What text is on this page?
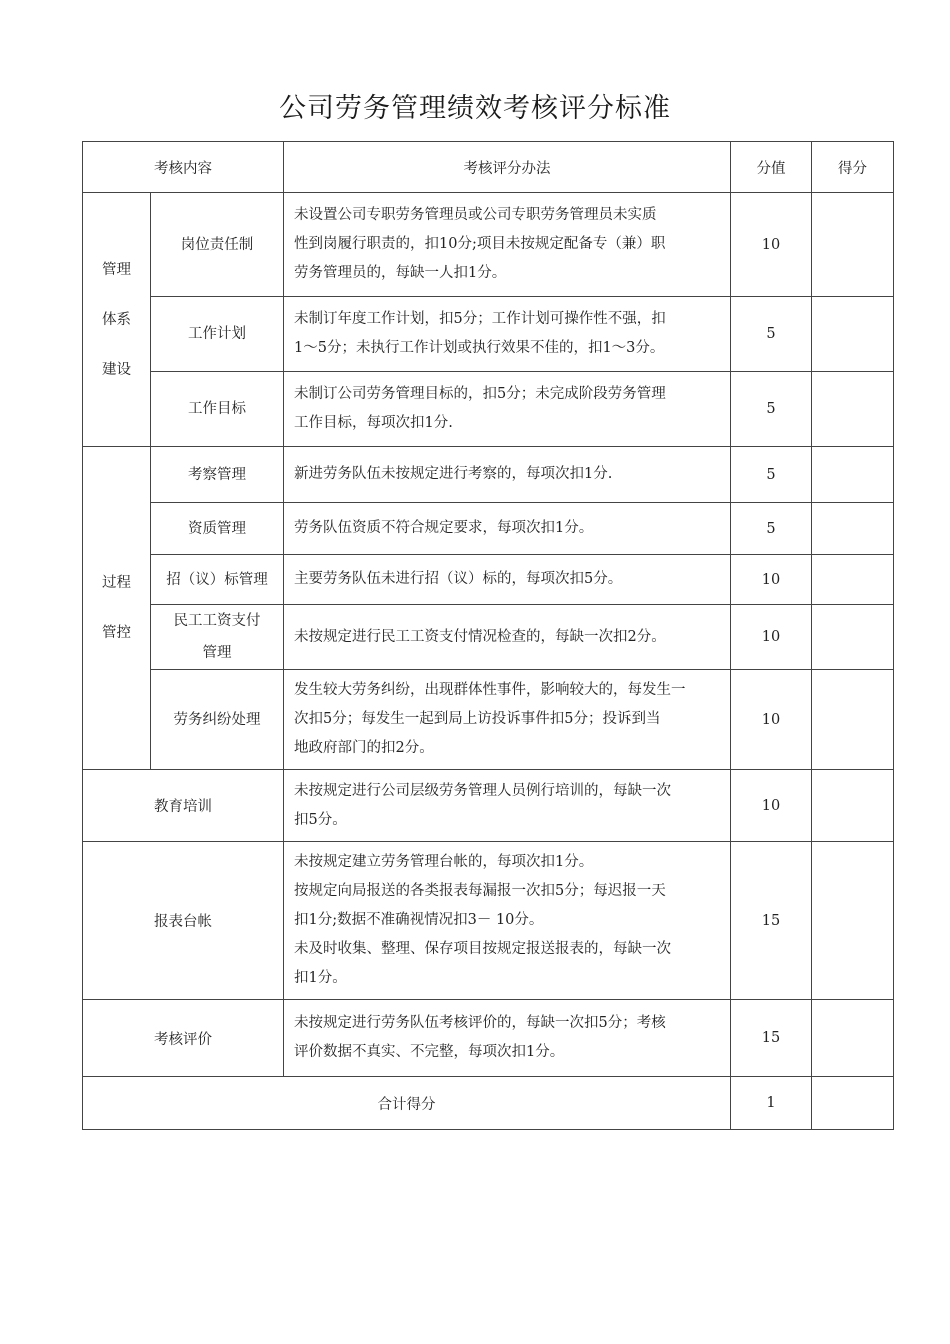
公司劳务管理绩效考核评分标准
考核内容		考核评分办法	分值	得分

管理
体系
建设	岗位责任制	未设置公司专职劳务管理员或公司专职劳务管理员未实质
性到岗履行职责的，扣10分;项目未按规定配备专（兼）职
劳务管理员的，每缺一人扣1分。	10	
	工作计划	未制订年度工作计划，扣5分；工作计划可操作性不强，扣
1〜5分；未执行工作计划或执行效果不佳的，扣1〜3分。	5	
	工作目标	未制订公司劳务管理目标的，扣5分；未完成阶段劳务管理
工作目标，每项次扣1分.	5	

过程
管控	考察管理	新进劳务队伍未按规定进行考察的，每项次扣1分.	5	
	资质管理	劳务队伍资质不符合规定要求，每项次扣1分。	5	
	招（议）标管理	主要劳务队伍未进行招（议）标的，每项次扣5分。	10	

	民工工资支付
管理	未按规定进行民工工资支付情况检查的，每缺一次扣2分。	10	
	劳务纠纷处理	发生较大劳务纠纷，出现群体性事件，影响较大的，每发生一
次扣5分；每发生一起到局上访投诉事件扣5分；投诉到当
地政府部门的扣2分。	10	
教育培训		未按规定进行公司层级劳务管理人员例行培训的，每缺一次
扣5分。	10	
报表台帐		未按规定建立劳务管理台帐的，每项次扣1分。
按规定向局报送的各类报表每漏报一次扣5分；每迟报一天
扣1分;数据不准确视情况扣3－ 10分。
未及时收集、整理、保存项目按规定报送报表的，每缺一次
扣1分。	15	
考核评价		未按规定进行劳务队伍考核评价的，每缺一次扣5分；考核
评价数据不真实、不完整，每项次扣1分。	15	
合计得分			1	
